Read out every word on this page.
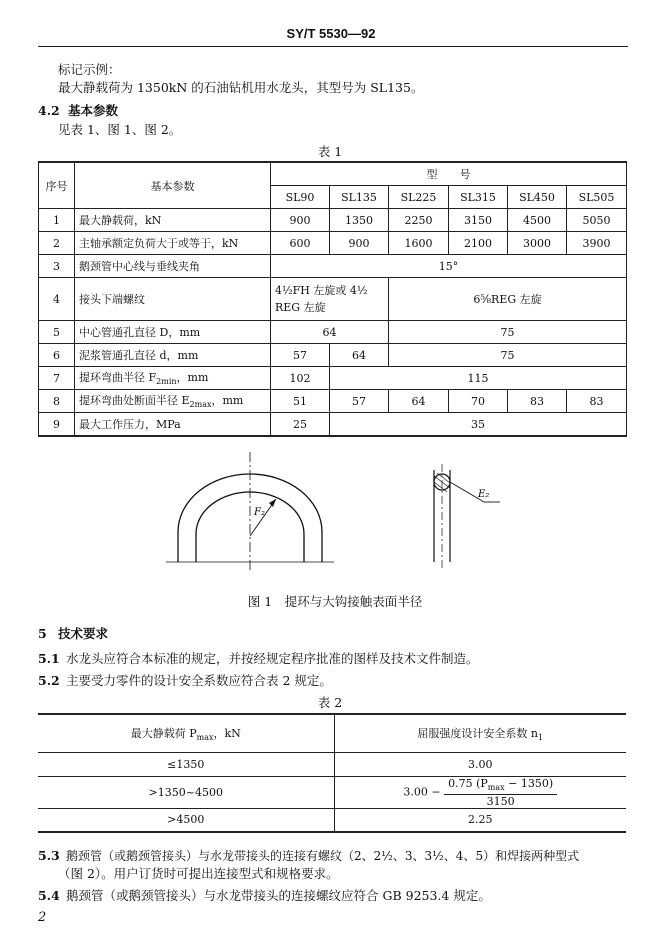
SY/T 5530—92
标记示例：
最大静载荷为 1350kN 的石油钻机用水龙头，其型号为 SL135。
4.2 基本参数
见表 1、图 1、图 2。
表 1
序号	基本参数	型　　号					
		SL90	SL135	SL225	SL315	SL450	SL505
1	最大静载荷，kN	900	1350	2250	3150	4500	5050
2	主轴承额定负荷大于或等于，kN	600	900	1600	2100	3000	3900
3	鹅颈管中心线与垂线夹角	15°					
4	接头下端螺纹	4½FH 左旋或 4½ REG 左旋		6⅝REG 左旋			
5	中心管通孔直径 D，mm	64		75			
6	泥浆管通孔直径 d，mm	57	64	75			
7	提环弯曲半径 $F_{2min}$，mm	102	115				
8	提环弯曲处断面半径 $E_{2max}$，mm	51	57	64	70	83	83
9	最大工作压力，MPa	25	35				
F₂
E₂
图 1　提环与大钩接触表面半径
5 技术要求
5.1 水龙头应符合本标准的规定，并按经规定程序批准的图样及技术文件制造。
5.2 主要受力零件的设计安全系数应符合表 2 规定。
表 2
最大静载荷 $P_{max}$，kN	屈服强度设计安全系数 $n_1$
≤1350	3.00
>1350~4500	$3.00 - \frac{0.75 (P_{max} - 1350)}{3150}$

>4500	2.25
5.3 鹅颈管（或鹅颈管接头）与水龙带接头的连接有螺纹（2、2½、3、3½、4、5）和焊接两种型式
（图 2）。用户订货时可提出连接型式和规格要求。
5.4 鹅颈管（或鹅颈管接头）与水龙带接头的连接螺纹应符合 GB 9253.4 规定。
2
